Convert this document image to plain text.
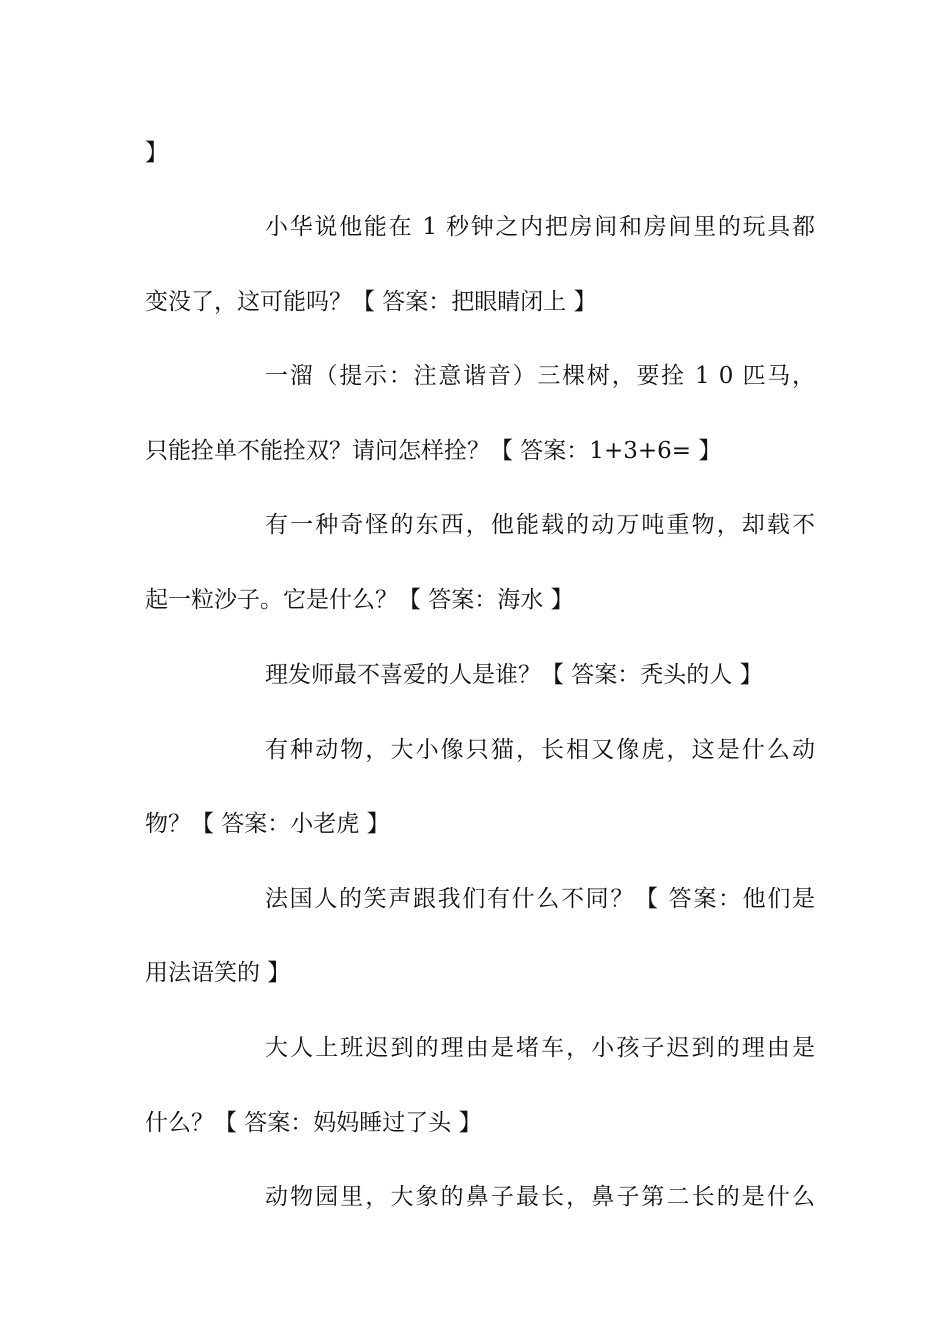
】
小华说他能在 1 秒钟之内把房间和房间里的玩具都
变没了，这可能吗？【 答案：把眼睛闭上 】
一溜（提示：注意谐音）三棵树，要拴 1 0 匹马，
只能拴单不能拴双？请问怎样拴？【 答案：1+3+6= 】
有一种奇怪的东西，他能载的动万吨重物，却载不
起一粒沙子。它是什么？【 答案：海水 】
理发师最不喜爱的人是谁？【 答案：秃头的人 】
有种动物，大小像只猫，长相又像虎，这是什么动
物？【 答案：小老虎 】
法国人的笑声跟我们有什么不同？【 答案：他们是
用法语笑的 】
大人上班迟到的理由是堵车，小孩子迟到的理由是
什么？【 答案：妈妈睡过了头 】
动物园里，大象的鼻子最长，鼻子第二长的是什么
